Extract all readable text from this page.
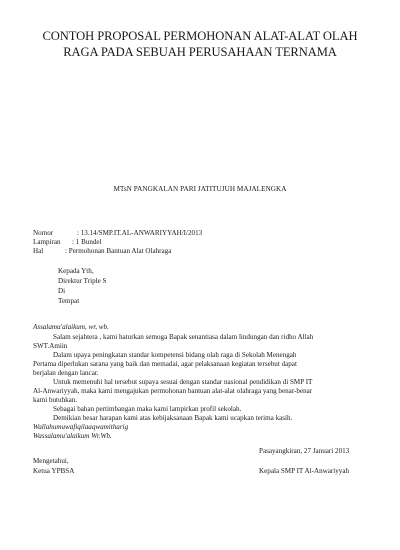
CONTOH PROPOSAL PERMOHONAN ALAT-ALAT OLAH
RAGA PADA SEBUAH PERUSAHAAN TERNAMA
MTsN PANGKALAN PARI JATITUJUH MAJALENGKA
Nomor	: 13.14/SMP.IT.AL-ANWARIYYAH/I/2013
Lampiran : 1 Bundel
Hal	: Permohonan Bantuan Alat Olahraga
Kepada Yth,
Direktur Triple S
Di
Tempat
Assalamu'alaikum, wr, wb.
Salam sejahtera , kami haturkan semoga Bapak senantiasa dalam lindungan dan ridho Allah
SWT.Amiin
Dalam upaya peningkatan standar kompetensi bidang olah raga di Sekolah Menengah
Pertama diperlukan sarana yang baik dan memadai, agar pelaksanaan kegiatan tersebut dapat
berjalan dengan lancar.
Untuk memenuhi hal tersebut supaya sesuai dengan standar nasional pendidikan di SMP IT
Al-Anwariyyah, maka kami mengajukan permohonan bantuan alat-alat olahraga yang benar-benar
kami butuhkan.
Sebagai bahan pertimbangan maka kami lampirkan profil sekolah.
Demikian besar harapan kami atas kebijaksanaan Bapak kami ucapkan terima kasih.
Wallahumuwafiqilaaqwamitharig
Wassalamu'alaikum Wr.Wb.
Pasayangkiran, 27 Januari 2013
Mengetahui,
Ketua YPBSA	Kepala SMP IT Al-Anwariyyah
